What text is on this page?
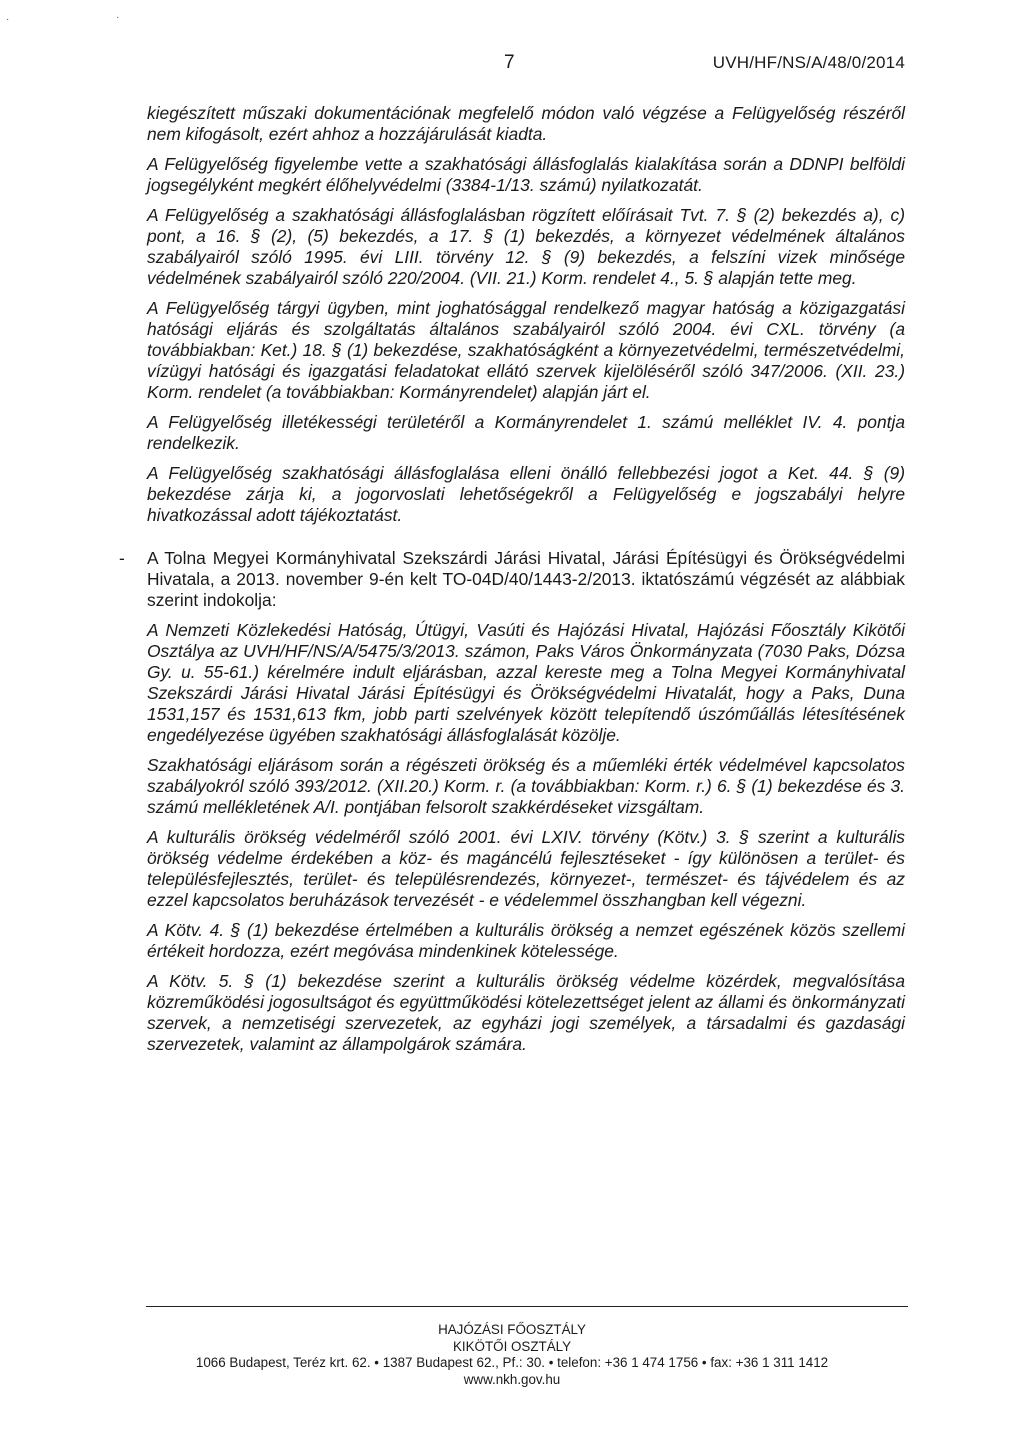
7	UVH/HF/NS/A/48/0/2014
·	·

kiegészített műszaki dokumentációnak megfelelő módon való végzése a Felügyelőség részéről nem kifogásolt, ezért ahhoz a hozzájárulását kiadta.

A Felügyelőség figyelembe vette a szakhatósági állásfoglalás kialakítása során a DDNPI belföldi jogsegélyként megkért élőhelyvédelmi (3384-1/13. számú) nyilatkozatát.

A Felügyelőség a szakhatósági állásfoglalásban rögzített előírásait Tvt. 7. § (2) bekezdés a), c) pont, a 16. § (2), (5) bekezdés, a 17. § (1) bekezdés, a környezet védelmének általános szabályairól szóló 1995. évi LIII. törvény 12. § (9) bekezdés, a felszíni vizek minősége védelmének szabályairól szóló 220/2004. (VII. 21.) Korm. rendelet 4., 5. § alapján tette meg.

A Felügyelőség tárgyi ügyben, mint joghatósággal rendelkező magyar hatóság a közigazgatási hatósági eljárás és szolgáltatás általános szabályairól szóló 2004. évi CXL. törvény (a továbbiakban: Ket.) 18. § (1) bekezdése, szakhatóságként a környezetvédelmi, természetvédelmi, vízügyi hatósági és igazgatási feladatokat ellátó szervek kijelöléséről szóló 347/2006. (XII. 23.) Korm. rendelet (a továbbiakban: Kormányrendelet) alapján járt el.

A Felügyelőség illetékességi területéről a Kormányrendelet 1. számú melléklet IV. 4. pontja rendelkezik.

A Felügyelőség szakhatósági állásfoglalása elleni önálló fellebbezési jogot a Ket. 44. § (9) bekezdése zárja ki, a jogorvoslati lehetőségekről a Felügyelőség e jogszabályi helyre hivatkozással adott tájékoztatást.

- A Tolna Megyei Kormányhivatal Szekszárdi Járási Hivatal, Járási Építésügyi és Örökségvédelmi Hivatala, a 2013. november 9-én kelt TO-04D/40/1443-2/2013. iktatószámú végzését az alábbiak szerint indokolja:

A Nemzeti Közlekedési Hatóság, Útügyi, Vasúti és Hajózási Hivatal, Hajózási Főosztály Kikötői Osztálya az UVH/HF/NS/A/5475/3/2013. számon, Paks Város Önkormányzata (7030 Paks, Dózsa Gy. u. 55-61.) kérelmére indult eljárásban, azzal kereste meg a Tolna Megyei Kormányhivatal Szekszárdi Járási Hivatal Járási Építésügyi és Örökségvédelmi Hivatalát, hogy a Paks, Duna 1531,157 és 1531,613 fkm, jobb parti szelvények között telepítendő úszóműállás létesítésének engedélyezése ügyében szakhatósági állásfoglalását közölje.

Szakhatósági eljárásom során a régészeti örökség és a műemléki érték védelmével kapcsolatos szabályokról szóló 393/2012. (XII.20.) Korm. r. (a továbbiakban: Korm. r.) 6. § (1) bekezdése és 3. számú mellékletének A/I. pontjában felsorolt szakkérdéseket vizsgáltam.

A kulturális örökség védelméről szóló 2001. évi LXIV. törvény (Kötv.) 3. § szerint a kulturális örökség védelme érdekében a köz- és magáncélú fejlesztéseket - így különösen a terület- és településfejlesztés, terület- és településrendezés, környezet-, természet- és tájvédelem és az ezzel kapcsolatos beruházások tervezését - e védelemmel összhangban kell végezni.

A Kötv. 4. § (1) bekezdése értelmében a kulturális örökség a nemzet egészének közös szellemi értékeit hordozza, ezért megóvása mindenkinek kötelessége.

A Kötv. 5. § (1) bekezdése szerint a kulturális örökség védelme közérdek, megvalósítása közreműködési jogosultságot és együttműködési kötelezettséget jelent az állami és önkormányzati szervek, a nemzetiségi szervezetek, az egyházi jogi személyek, a társadalmi és gazdasági szervezetek, valamint az állampolgárok számára.

HAJÓZÁSI FŐOSZTÁLY
KIKÖTŐI OSZTÁLY
1066 Budapest, Teréz krt. 62. • 1387 Budapest 62., Pf.: 30. • telefon: +36 1 474 1756 • fax: +36 1 311 1412
www.nkh.gov.hu
